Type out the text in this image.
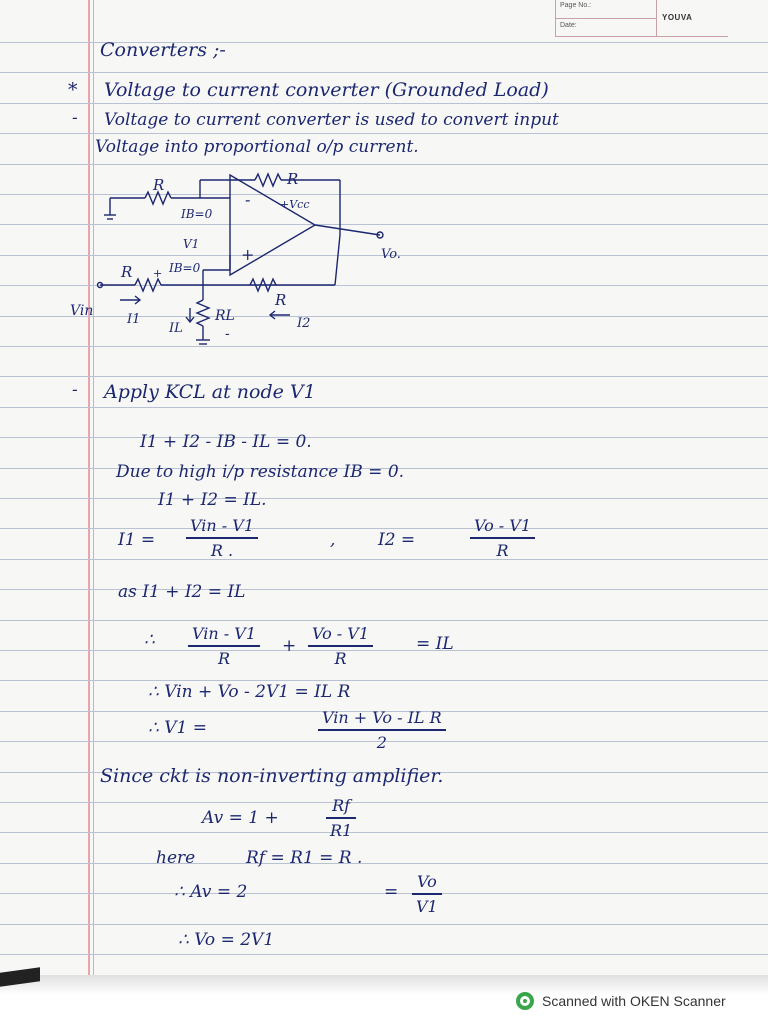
Page No.:
Date:
YOUVA
Converters ;-
* Voltage to current converter (Grounded Load)
- Voltage to current converter is used to convert input
Voltage into proportional o/p current.
R	R
IB=0
+Vcc
-
+
V1
IB=0
Vo.
R +
Vin
I1
IL
RL
R
I2
-
- Apply KCL at node V1
I1 + I2 - IB - IL = 0.
Due to high i/p resistance IB = 0.
I1 + I2 = IL.
I1 =
Vin - V1
R .	,	I2 =
Vo - V1
R
as I1 + I2 = IL
∴ Vin - V1
R
+
Vo - V1
R
= IL
∴ Vin + Vo - 2V1 = IL R
∴ V1 =
Vin + Vo - IL R
2
Since ckt is non-inverting amplifier.
Av = 1 +
Rf
R1
here	Rf = R1 = R .
∴ Av = 2	=
Vo
V1
∴ Vo = 2V1
Scanned with OKEN Scanner
